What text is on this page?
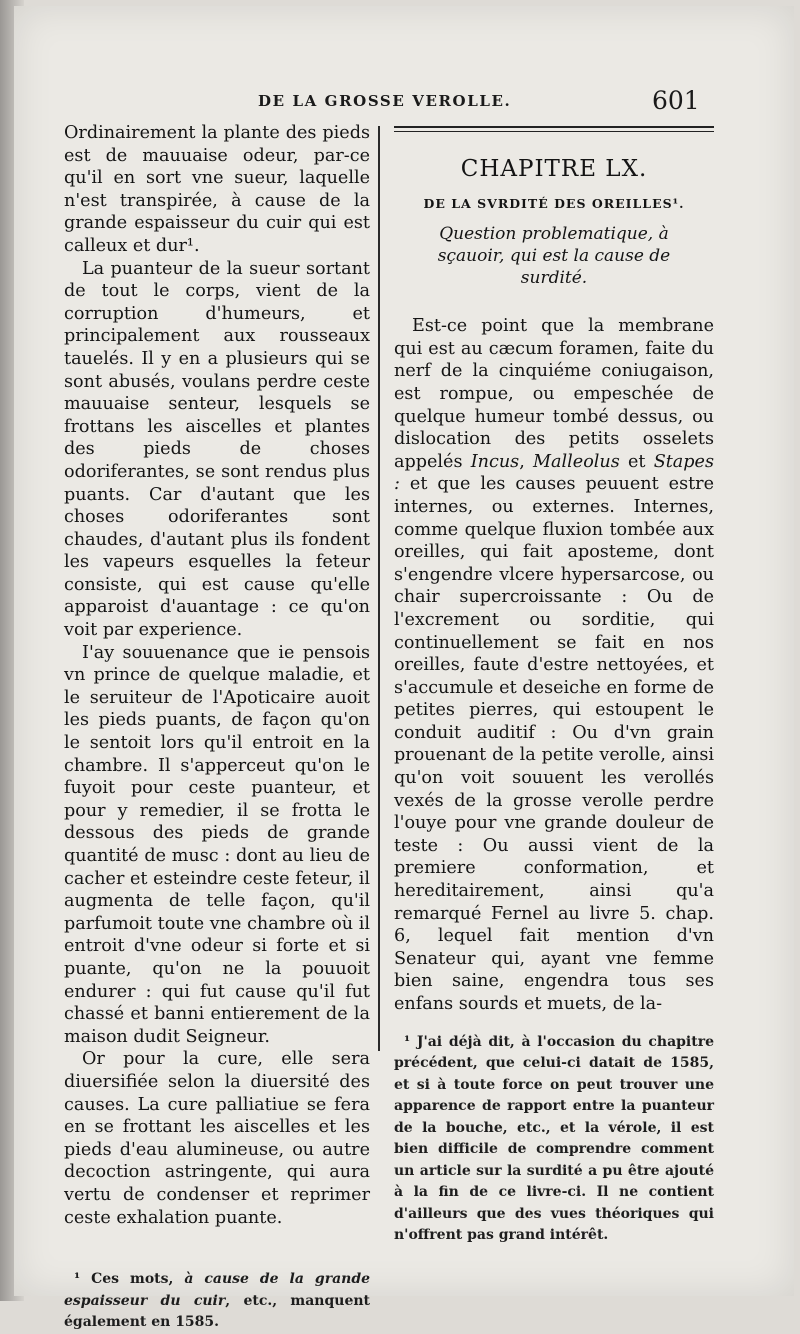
DE LA GROSSE VEROLLE.	601

Ordinairement la plante des pieds est de mauuaise odeur, par-ce qu'il en sort vne sueur, laquelle n'est transpirée, à cause de la grande espaisseur du cuir qui est calleux et dur¹.

La puanteur de la sueur sortant de tout le corps, vient de la corruption d'humeurs, et principalement aux rousseaux tauelés. Il y en a plusieurs qui se sont abusés, voulans perdre ceste mauuaise senteur, lesquels se frottans les aiscelles et plantes des pieds de choses odoriferantes, se sont rendus plus puants. Car d'autant que les choses odoriferantes sont chaudes, d'autant plus ils fondent les vapeurs esquelles la feteur consiste, qui est cause qu'elle apparoist d'auantage : ce qu'on voit par experience.

I'ay souuenance que ie pensois vn prince de quelque maladie, et le seruiteur de l'Apoticaire auoit les pieds puants, de façon qu'on le sentoit lors qu'il entroit en la chambre. Il s'apperceut qu'on le fuyoit pour ceste puanteur, et pour y remedier, il se frotta le dessous des pieds de grande quantité de musc : dont au lieu de cacher et esteindre ceste feteur, il augmenta de telle façon, qu'il parfumoit toute vne chambre où il entroit d'vne odeur si forte et si puante, qu'on ne la pouuoit endurer : qui fut cause qu'il fut chassé et banni entierement de la maison dudit Seigneur.

Or pour la cure, elle sera diuersifiée selon la diuersité des causes. La cure palliatiue se fera en se frottant les aiscelles et les pieds d'eau alumineuse, ou autre decoction astringente, qui aura vertu de condenser et reprimer ceste exhalation puante.

¹ Ces mots, à cause de la grande espaisseur du cuir, etc., manquent également en 1585.

CHAPITRE LX.

DE LA SVRDITÉ DES OREILLES¹.

Question problematique, à sçauoir, qui est la cause de surdité.

Est-ce point que la membrane qui est au cæcum foramen, faite du nerf de la cinquiéme coniugaison, est rompue, ou empeschée de quelque humeur tombé dessus, ou dislocation des petits osselets appelés Incus, Malleolus et Stapes : et que les causes peuuent estre internes, ou externes. Internes, comme quelque fluxion tombée aux oreilles, qui fait aposteme, dont s'engendre vlcere hypersarcose, ou chair supercroissante : Ou de l'excrement ou sorditie, qui continuellement se fait en nos oreilles, faute d'estre nettoyées, et s'accumule et deseiche en forme de petites pierres, qui estoupent le conduit auditif : Ou d'vn grain prouenant de la petite verolle, ainsi qu'on voit souuent les verollés vexés de la grosse verolle perdre l'ouye pour vne grande douleur de teste : Ou aussi vient de la premiere conformation, et hereditairement, ainsi qu'a remarqué Fernel au livre 5. chap. 6, lequel fait mention d'vn Senateur qui, ayant vne femme bien saine, engendra tous ses enfans sourds et muets, de la-

¹ J'ai déjà dit, à l'occasion du chapitre précédent, que celui-ci datait de 1585, et si à toute force on peut trouver une apparence de rapport entre la puanteur de la bouche, etc., et la vérole, il est bien difficile de comprendre comment un article sur la surdité a pu être ajouté à la fin de ce livre-ci. Il ne contient d'ailleurs que des vues théoriques qui n'offrent pas grand intérêt.
